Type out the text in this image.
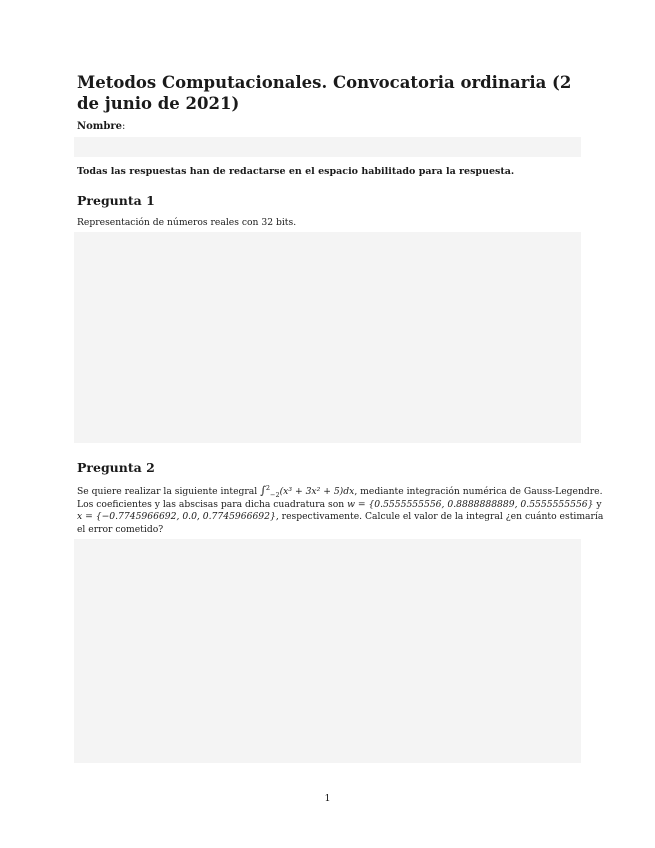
Metodos Computacionales. Convocatoria ordinaria (2 de junio de 2021)
Nombre:
Todas las respuestas han de redactarse en el espacio habilitado para la respuesta.
Pregunta 1
Representación de números reales con 32 bits.
Pregunta 2
Se quiere realizar la siguiente integral ∫$^2_{-2}$(x³ + 3x² + 5)dx, mediante integración numérica de Gauss-Legendre.
Los coeficientes y las abscisas para dicha cuadratura son w = {0.5555555556, 0.8888888889, 0.5555555556} y
x = {−0.7745966692, 0.0, 0.7745966692}, respectivamente. Calcule el valor de la integral ¿en cuánto estimaría
el error cometido?
1
